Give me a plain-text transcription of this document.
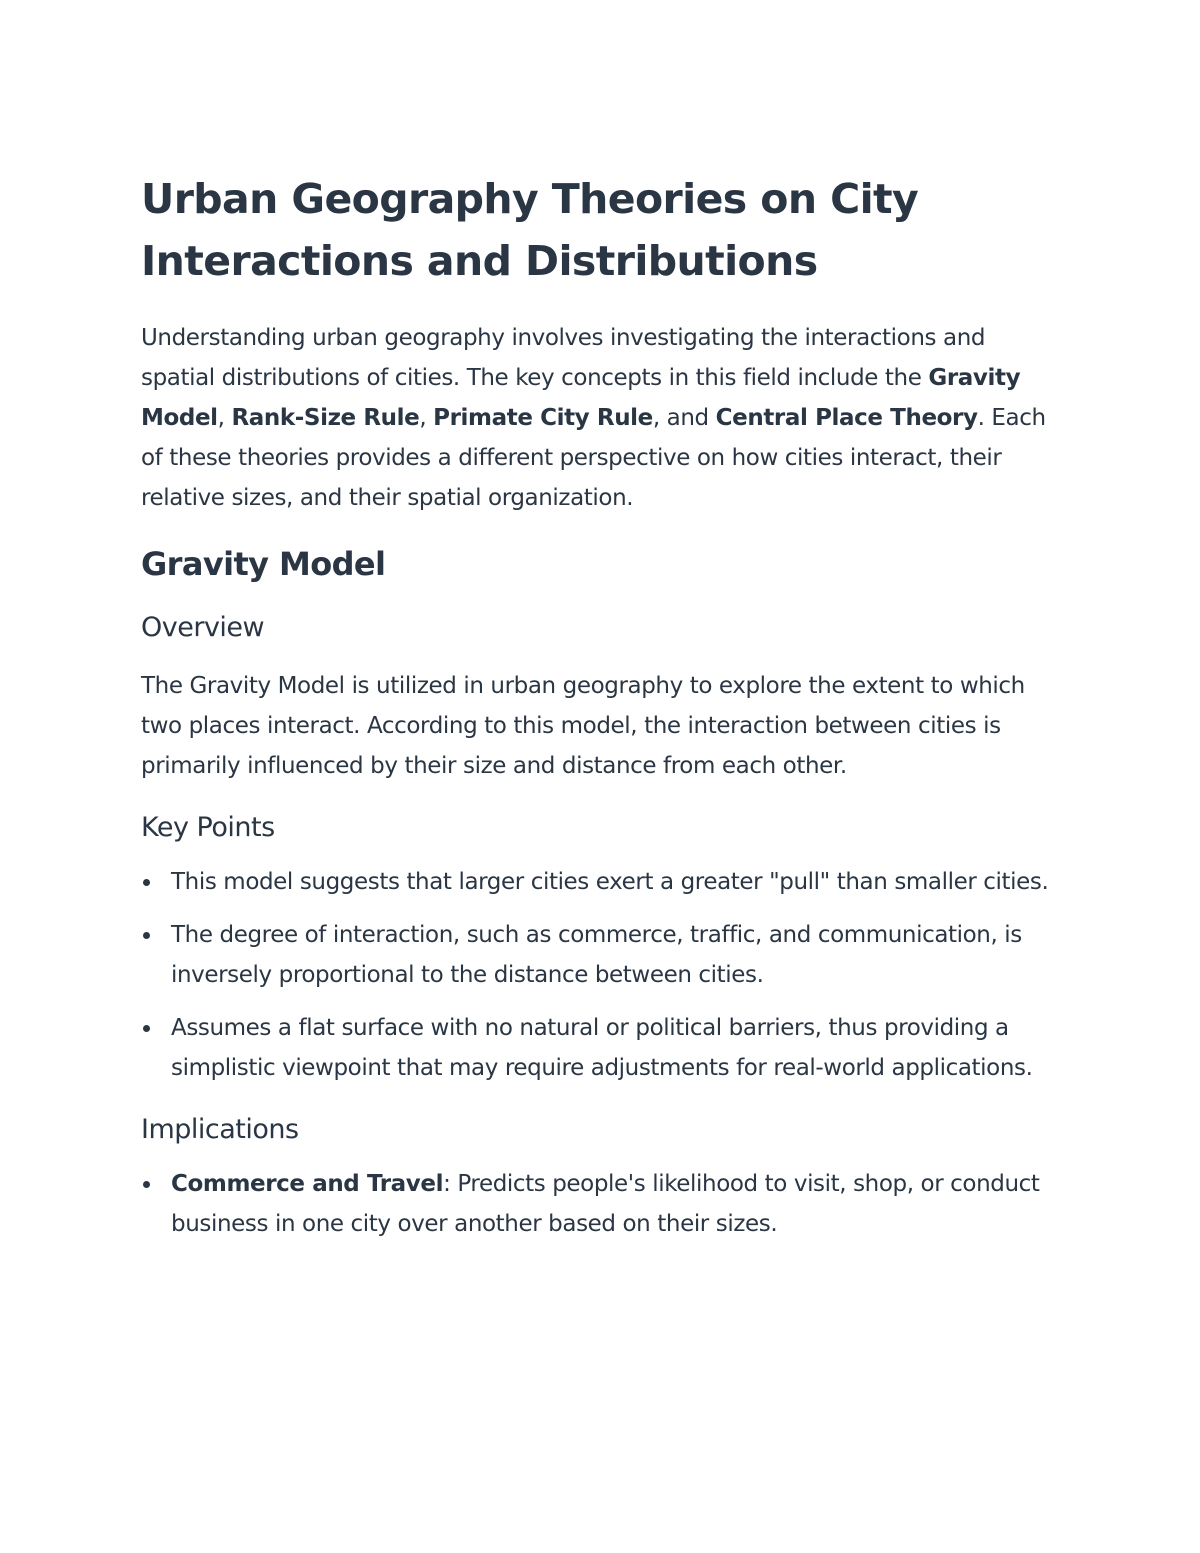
Urban Geography Theories on City Interactions and Distributions

Understanding urban geography involves investigating the interactions and spatial distributions of cities. The key concepts in this field include the Gravity Model, Rank-Size Rule, Primate City Rule, and Central Place Theory. Each of these theories provides a different perspective on how cities interact, their relative sizes, and their spatial organization.

Gravity Model
Overview

The Gravity Model is utilized in urban geography to explore the extent to which two places interact. According to this model, the interaction between cities is primarily influenced by their size and distance from each other.

Key Points
This model suggests that larger cities exert a greater "pull" than smaller cities.
The degree of interaction, such as commerce, traffic, and communication, is inversely proportional to the distance between cities.
Assumes a flat surface with no natural or political barriers, thus providing a simplistic viewpoint that may require adjustments for real-world applications.
Implications
Commerce and Travel: Predicts people's likelihood to visit, shop, or conduct business in one city over another based on their sizes.
